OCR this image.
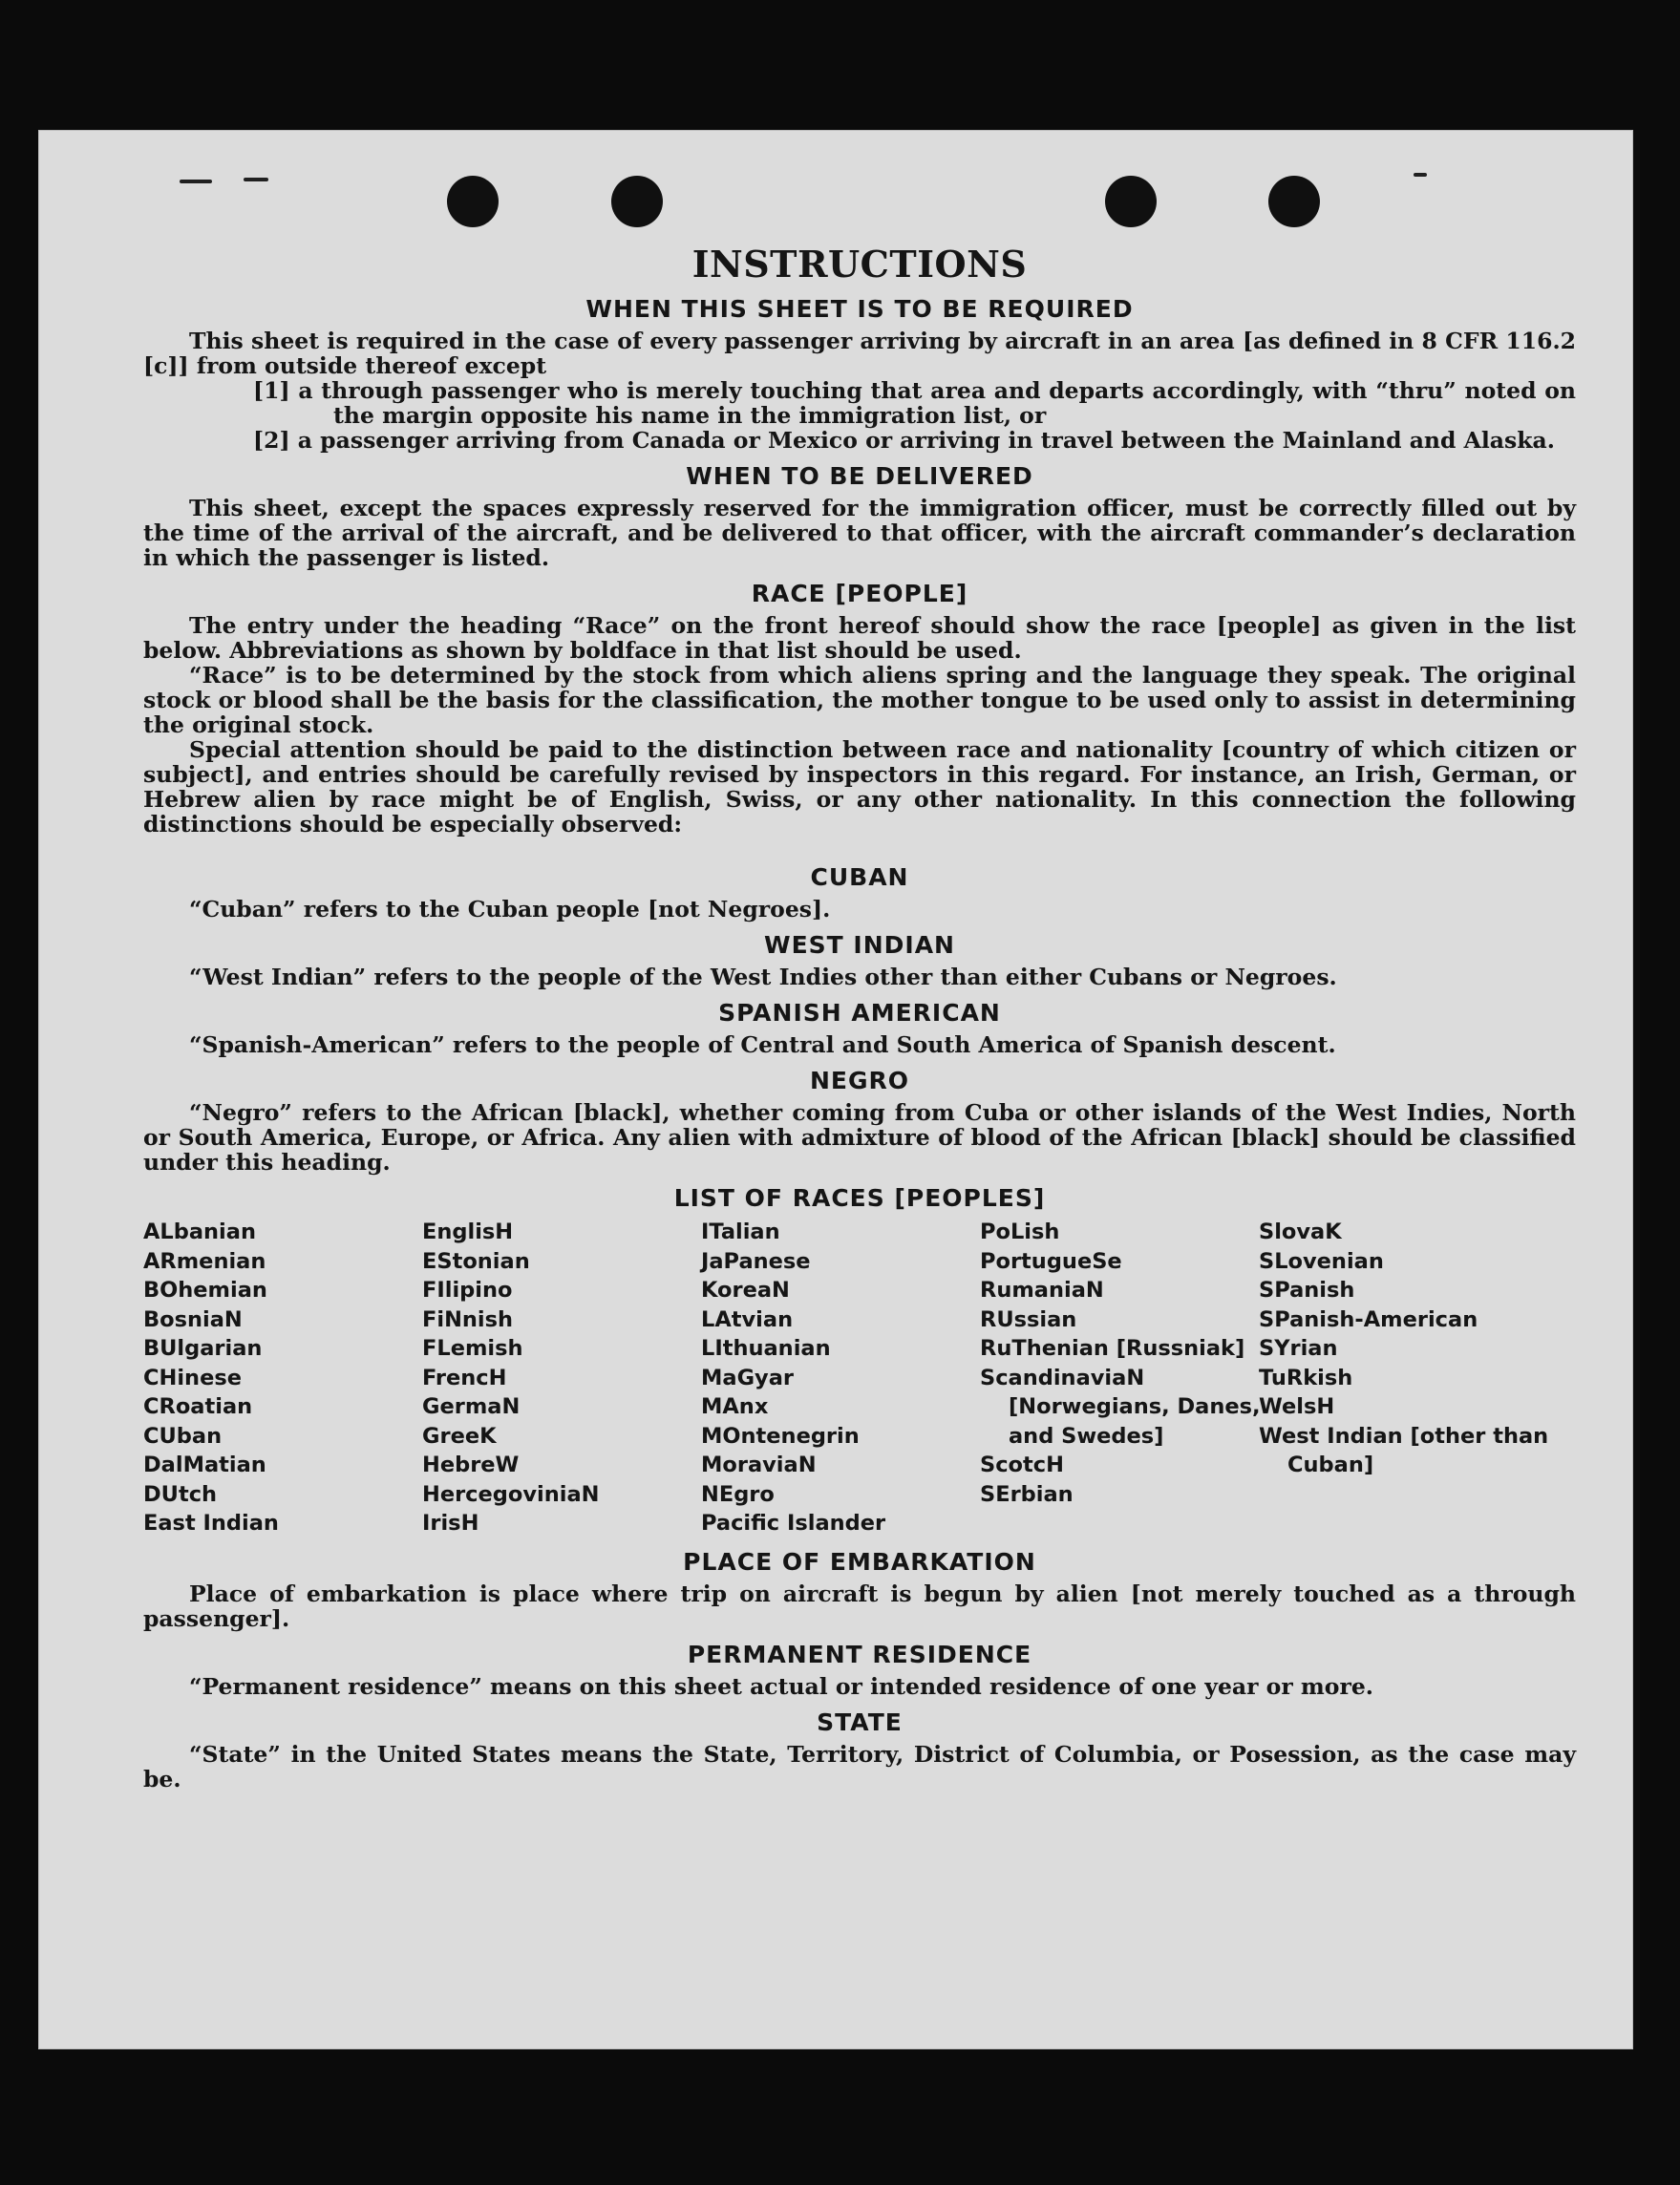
INSTRUCTIONS
WHEN THIS SHEET IS TO BE REQUIRED

This sheet is required in the case of every passenger arriving by aircraft in an area [as defined in 8 CFR 116.2 [c]] from outside thereof except

[1] a through passenger who is merely touching that area and departs accordingly, with “thru” noted on the margin opposite his name in the immigration list, or

[2] a passenger arriving from Canada or Mexico or arriving in travel between the Mainland and Alaska.

WHEN TO BE DELIVERED

This sheet, except the spaces expressly reserved for the immigration officer, must be correctly filled out by the time of the arrival of the aircraft, and be delivered to that officer, with the aircraft commander’s declaration in which the passenger is listed.

RACE [PEOPLE]

The entry under the heading “Race” on the front hereof should show the race [people] as given in the list below. Abbreviations as shown by boldface in that list should be used.

“Race” is to be determined by the stock from which aliens spring and the language they speak. The original stock or blood shall be the basis for the classification, the mother tongue to be used only to assist in determining the original stock.

Special attention should be paid to the distinction between race and nationality [country of which citizen or subject], and entries should be carefully revised by inspectors in this regard. For instance, an Irish, German, or Hebrew alien by race might be of English, Swiss, or any other nationality. In this connection the following distinctions should be especially observed:

CUBAN

“Cuban” refers to the Cuban people [not Negroes].

WEST INDIAN

“West Indian” refers to the people of the West Indies other than either Cubans or Negroes.

SPANISH AMERICAN

“Spanish-American” refers to the people of Central and South America of Spanish descent.

NEGRO

“Negro” refers to the African [black], whether coming from Cuba or other islands of the West Indies, North or South America, Europe, or Africa. Any alien with admixture of blood of the African [black] should be classified under this heading.

LIST OF RACES [PEOPLES]
ALbanian
ARmenian
BOhemian
BosniaN
BUlgarian
CHinese
CRoatian
CUban
DalMatian
DUtch
East Indian
EnglisH
EStonian
FIlipino
FiNnish
FLemish
FrencH
GermaN
GreeK
HebreW
HercegoviniaN
IrisH
ITalian
JaPanese
KoreaN
LAtvian
LIthuanian
MaGyar
MAnx
MOntenegrin
MoraviaN
NEgro
Pacific Islander
PoLish
PortugueSe
RumaniaN
RUssian
RuThenian [Russniak]
ScandinaviaN [Norwegians, Danes, and Swedes]
ScotcH
SErbian
SlovaK
SLovenian
SPanish
SPanish-American
SYrian
TuRkish
WelsH
West Indian [other than Cuban]
PLACE OF EMBARKATION

Place of embarkation is place where trip on aircraft is begun by alien [not merely touched as a through passenger].

PERMANENT RESIDENCE

“Permanent residence” means on this sheet actual or intended residence of one year or more.

STATE

“State” in the United States means the State, Territory, District of Columbia, or Posession, as the case may be.
